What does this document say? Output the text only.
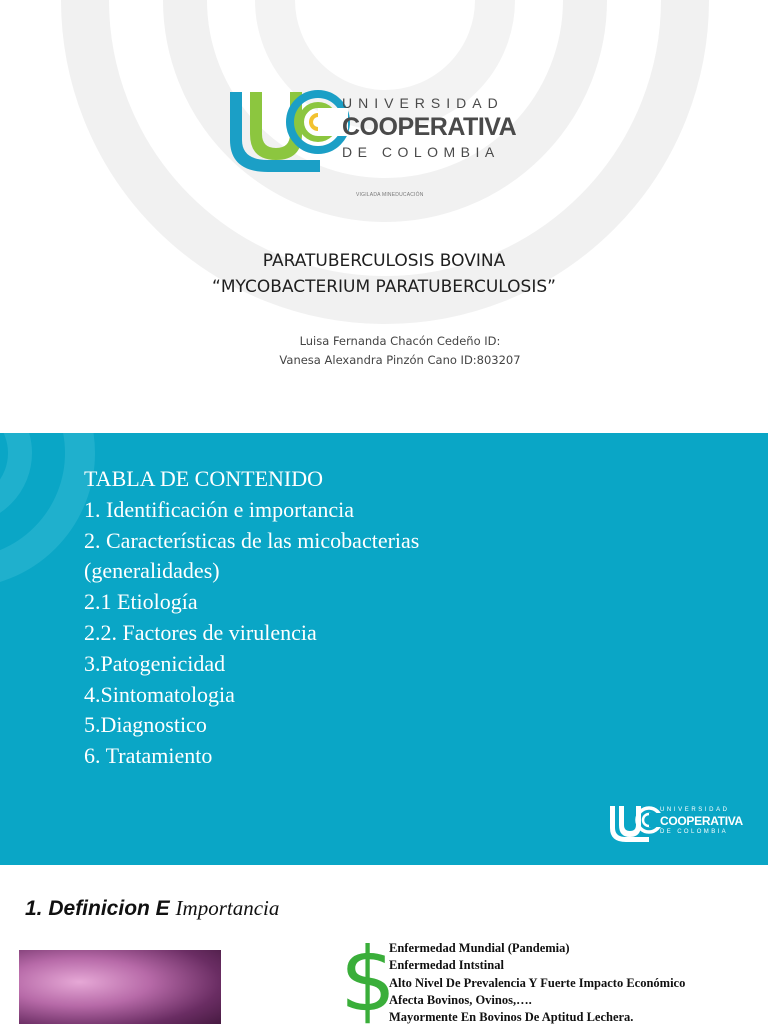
UNIVERSIDAD
COOPERATIVA
DE COLOMBIA
VIGILADA MINEDUCACIÓN
PARATUBERCULOSIS BOVINA
“MYCOBACTERIUM PARATUBERCULOSIS”
Luisa Fernanda Chacón Cedeño ID:
Vanesa Alexandra Pinzón Cano ID:803207
TABLA DE CONTENIDO
1. Identificación e importancia
2. Características de las micobacterias
(generalidades)
2.1 Etiología
2.2. Factores de virulencia
3.Patogenicidad
4.Sintomatologia
5.Diagnostico
6. Tratamiento
UNIVERSIDAD
COOPERATIVA
DE COLOMBIA
1. Definicion E Importancia
$
Enfermedad Mundial (Pandemia)
Enfermedad Intstinal
Alto Nivel De Prevalencia Y Fuerte Impacto Económico
Afecta Bovinos, Ovinos,….
Mayormente En Bovinos De Aptitud Lechera.
